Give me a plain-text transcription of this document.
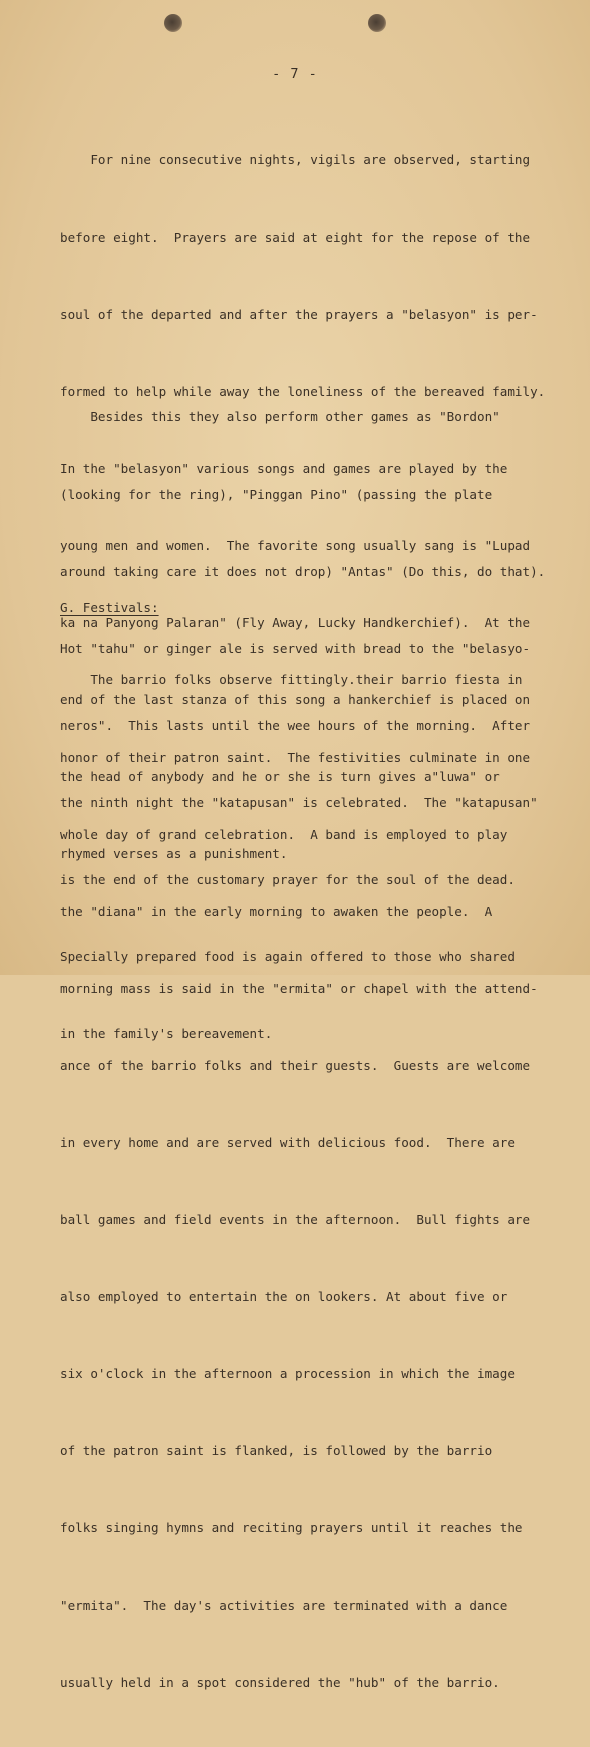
- 7 -

For nine consecutive nights, vigils are observed, starting

before eight.  Prayers are said at eight for the repose of the

soul of the departed and after the prayers a "belasyon" is per-

formed to help while away the loneliness of the bereaved family.

In the "belasyon" various songs and games are played by the

young men and women.  The favorite song usually sang is "Lupad

ka na Panyong Palaran" (Fly Away, Lucky Handkerchief).  At the

end of the last stanza of this song a hankerchief is placed on

the head of anybody and he or she is turn gives a"luwa" or

rhymed verses as a punishment.

Besides this they also perform other games as "Bordon"

(looking for the ring), "Pinggan Pino" (passing the plate

around taking care it does not drop) "Antas" (Do this, do that).

Hot "tahu" or ginger ale is served with bread to the "belasyo-

neros".  This lasts until the wee hours of the morning.  After

the ninth night the "katapusan" is celebrated.  The "katapusan"

is the end of the customary prayer for the soul of the dead.

Specially prepared food is again offered to those who shared

in the family's bereavement.

G. Festivals:

The barrio folks observe fittingly.their barrio fiesta in

honor of their patron saint.  The festivities culminate in one

whole day of grand celebration.  A band is employed to play

the "diana" in the early morning to awaken the people.  A

morning mass is said in the "ermita" or chapel with the attend-

ance of the barrio folks and their guests.  Guests are welcome

in every home and are served with delicious food.  There are

ball games and field events in the afternoon.  Bull fights are

also employed to entertain the on lookers. At about five or

six o'clock in the afternoon a procession in which the image

of the patron saint is flanked, is followed by the barrio

folks singing hymns and reciting prayers until it reaches the

"ermita".  The day's activities are terminated with a dance

usually held in a spot considered the "hub" of the barrio.
